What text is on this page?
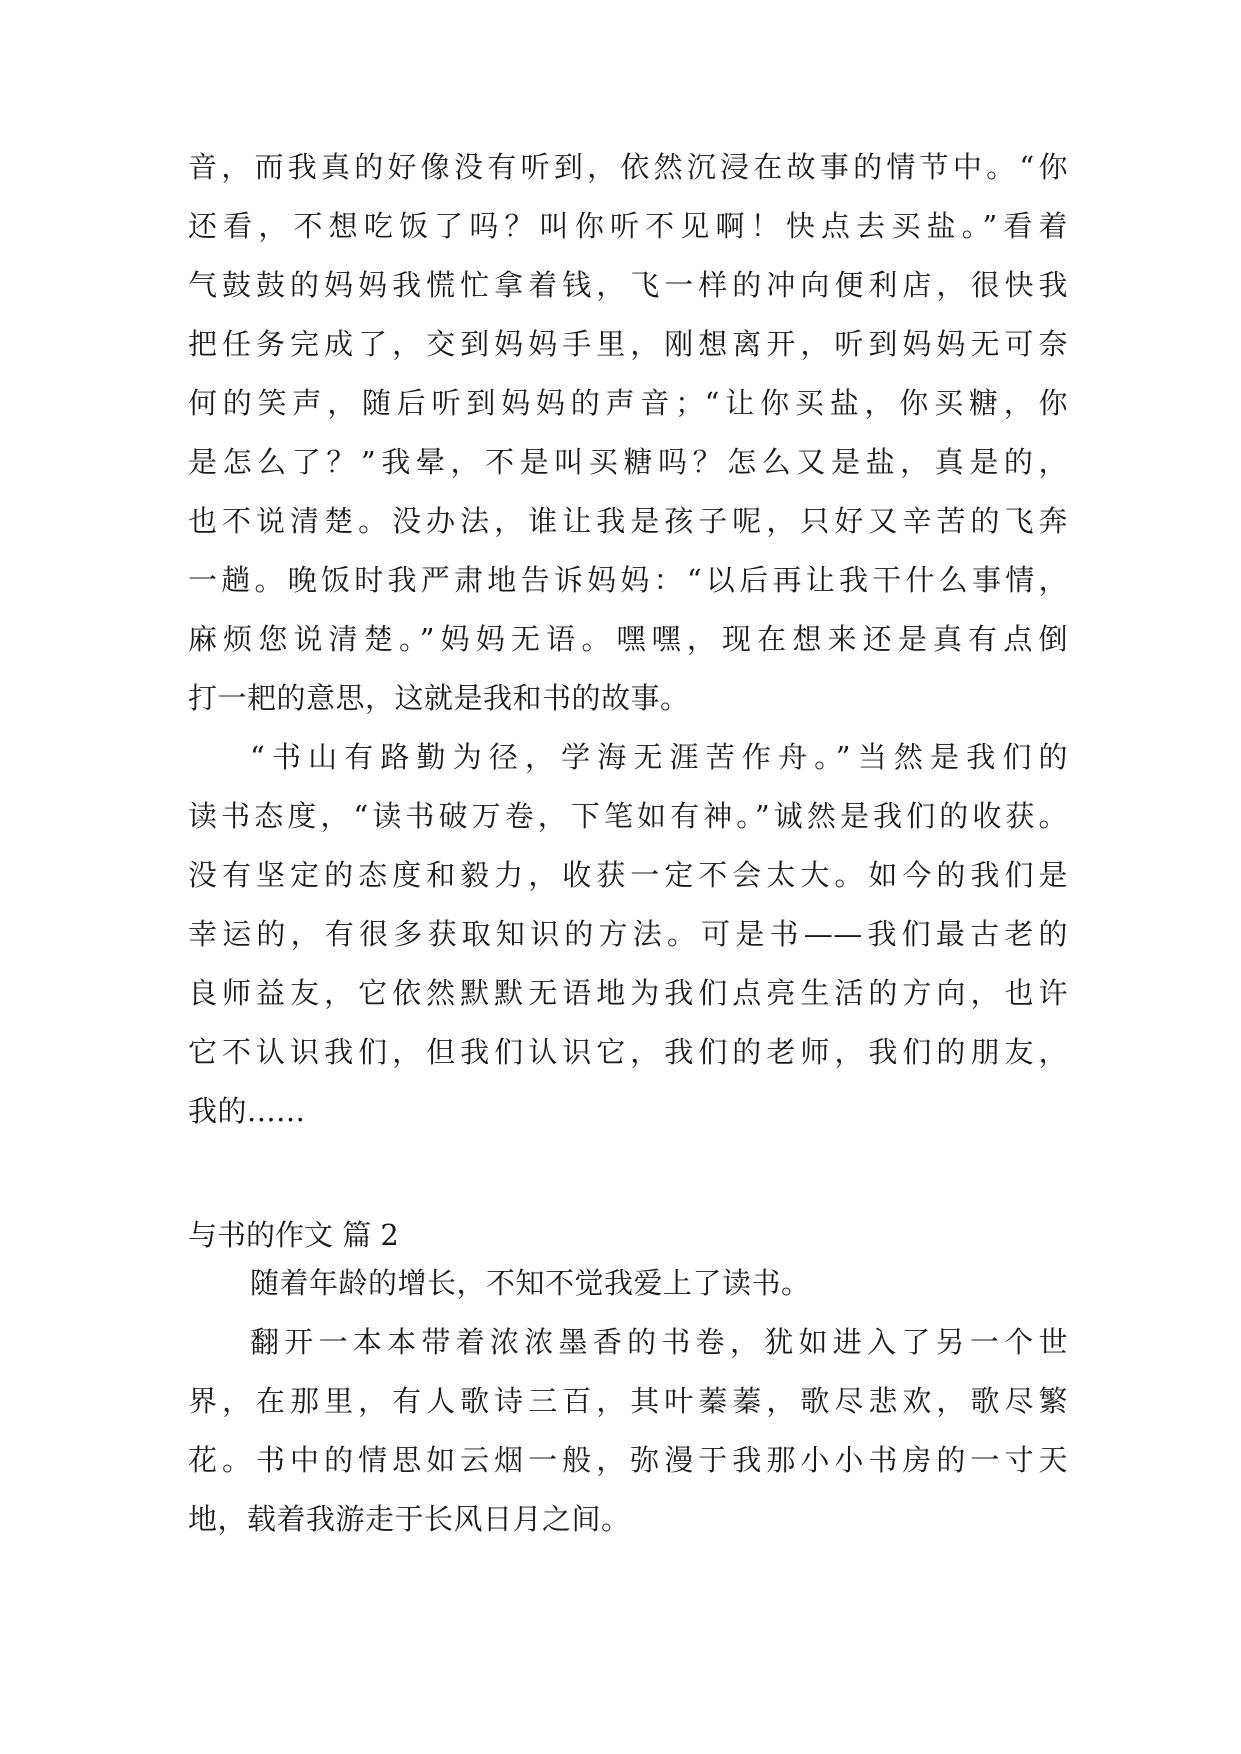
音，而我真的好像没有听到，依然沉浸在故事的情节中。“你
还看，不想吃饭了吗？叫你听不见啊！快点去买盐。”看着
气鼓鼓的妈妈我慌忙拿着钱，飞一样的冲向便利店，很快我
把任务完成了，交到妈妈手里，刚想离开，听到妈妈无可奈
何的笑声，随后听到妈妈的声音；“让你买盐，你买糖，你
是怎么了？”我晕，不是叫买糖吗？怎么又是盐，真是的，
也不说清楚。没办法，谁让我是孩子呢，只好又辛苦的飞奔
一趟。晚饭时我严肃地告诉妈妈：“以后再让我干什么事情，
麻烦您说清楚。”妈妈无语。嘿嘿，现在想来还是真有点倒
打一耙的意思，这就是我和书的故事。
“书山有路勤为径，学海无涯苦作舟。”当然是我们的
读书态度，“读书破万卷，下笔如有神。”诚然是我们的收获。
没有坚定的态度和毅力，收获一定不会太大。如今的我们是
幸运的，有很多获取知识的方法。可是书——我们最古老的
良师益友，它依然默默无语地为我们点亮生活的方向，也许
它不认识我们，但我们认识它，我们的老师，我们的朋友，
我的......
与书的作文 篇 2
随着年龄的增长，不知不觉我爱上了读书。
翻开一本本带着浓浓墨香的书卷，犹如进入了另一个世
界，在那里，有人歌诗三百，其叶蓁蓁，歌尽悲欢，歌尽繁
花。书中的情思如云烟一般，弥漫于我那小小书房的一寸天
地，载着我游走于长风日月之间。
